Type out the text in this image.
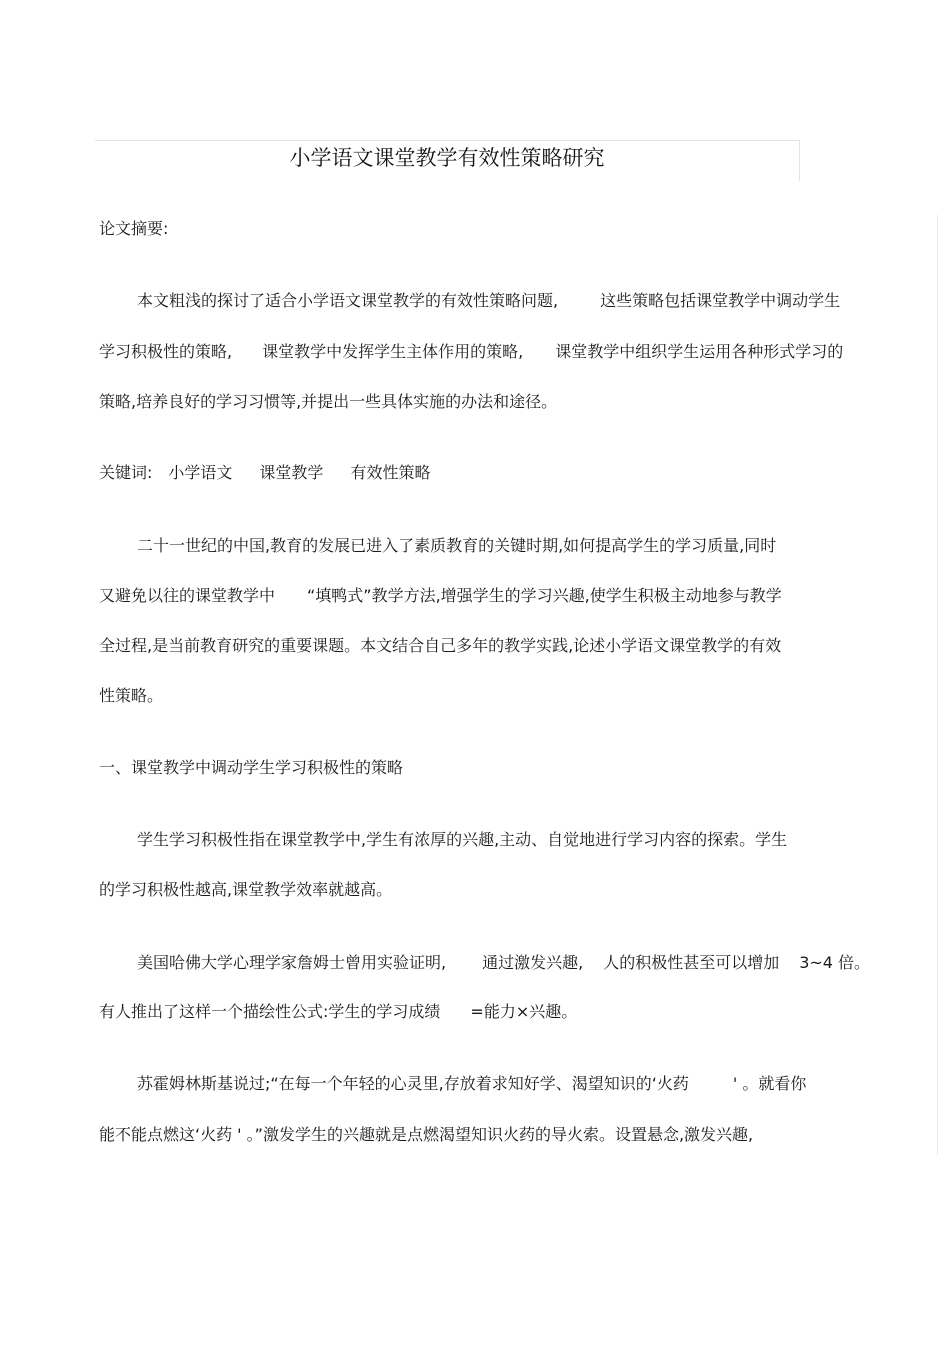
小学语文课堂教学有效性策略研究

论文摘要:

本文粗浅的探讨了适合小学语文课堂教学的有效性策略问题,	这些策略包括课堂教学中调动学生

学习积极性的策略, 课堂教学中发挥学生主体作用的策略, 课堂教学中组织学生运用各种形式学习的

策略,培养良好的学习习惯等,并提出一些具体实施的办法和途径。

关键词: 小学语文 课堂教学 有效性策略

二十一世纪的中国,教育的发展已进入了素质教育的关键时期,如何提高学生的学习质量,同时

又避免以往的课堂教学中 “填鸭式”教学方法,增强学生的学习兴趣,使学生积极主动地参与教学

全过程,是当前教育研究的重要课题。本文结合自己多年的教学实践,论述小学语文课堂教学的有效

性策略。

一、课堂教学中调动学生学习积极性的策略

学生学习积极性指在课堂教学中,学生有浓厚的兴趣,主动、自觉地进行学习内容的探索。学生

的学习积极性越高,课堂教学效率就越高。

美国哈佛大学心理学家詹姆士曾用实验证明, 通过激发兴趣, 人的积极性甚至可以增加 3~4 倍。

有人推出了这样一个描绘性公式:学生的学习成绩 =能力×兴趣。

苏霍姆林斯基说过;“在每一个年轻的心灵里,存放着求知好学、渴望知识的‘火药	' 。就看你

能不能点燃这‘火药 ' 。”激发学生的兴趣就是点燃渴望知识火药的导火索。设置悬念,激发兴趣,
